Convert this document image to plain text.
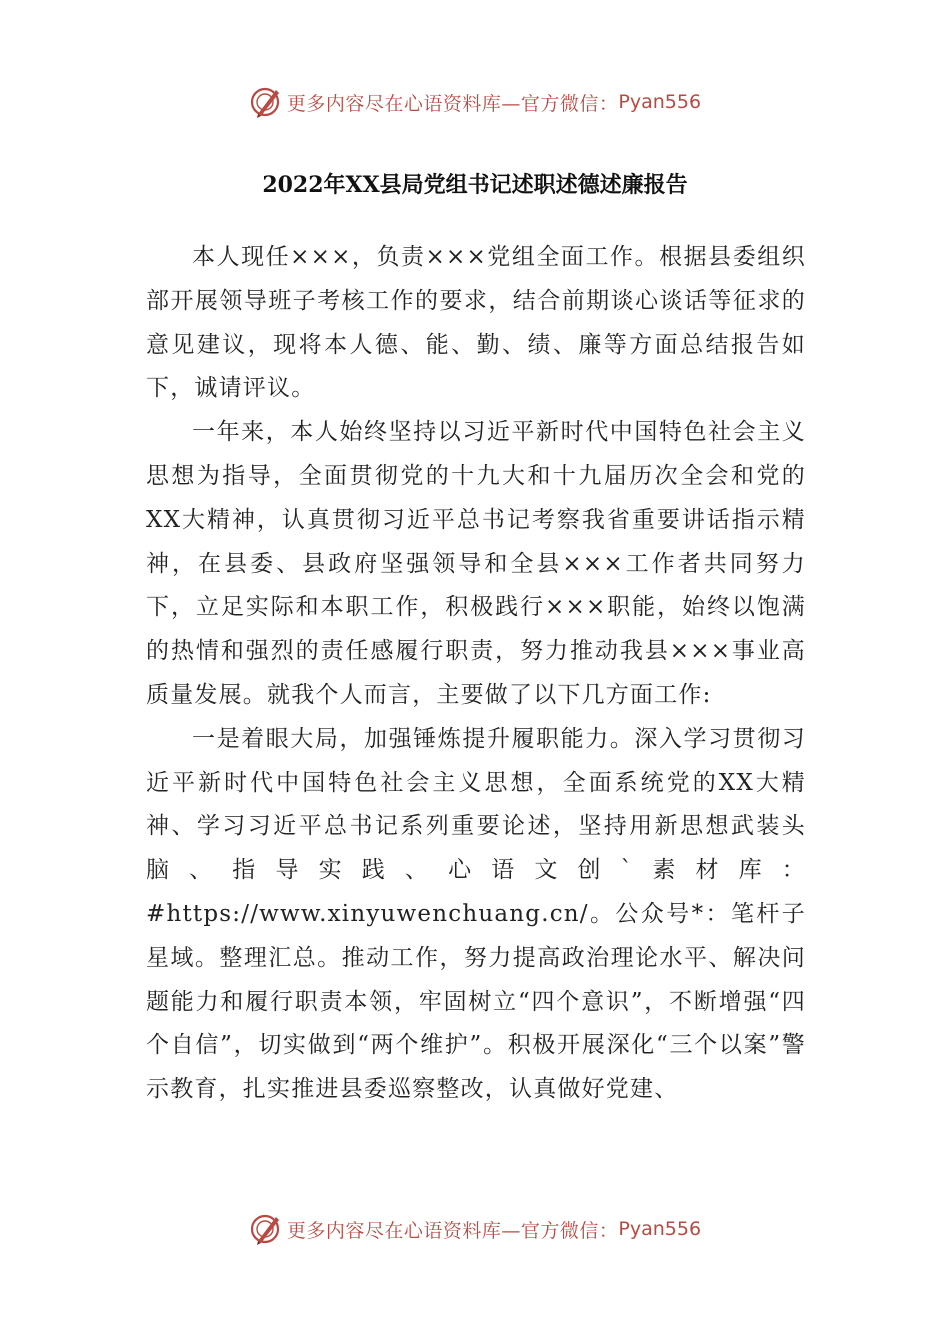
更多内容尽在心语资料库—官方微信： Pyan556
2022年XX县局党组书记述职述德述廉报告

本人现任×××，负责×××党组全面工作。根据县委组织部开展领导班子考核工作的要求，结合前期谈心谈话等征求的意见建议，现将本人德、能、勤、绩、廉等方面总结报告如下，诚请评议。

一年来，本人始终坚持以习近平新时代中国特色社会主义思想为指导，全面贯彻党的十九大和十九届历次全会和党的XX大精神，认真贯彻习近平总书记考察我省重要讲话指示精神，在县委、县政府坚强领导和全县×××工作者共同努力下，立足实际和本职工作，积极践行×××职能，始终以饱满的热情和强烈的责任感履行职责，努力推动我县×××事业高质量发展。就我个人而言，主要做了以下几方面工作:

一是着眼大局，加强锤炼提升履职能力。深入学习贯彻习近平新时代中国特色社会主义思想，全面系统党的XX大精神、学习习近平总书记系列重要论述，坚持用新思想武装头脑、指导实践、心语文创`素材库：#https://www.xinyuwenchuang.cn/。公众号*：笔杆子星域。整理汇总。推动工作，努力提高政治理论水平、解决问题能力和履行职责本领，牢固树立“四个意识”，不断增强“四个自信”，切实做到“两个维护”。积极开展深化“三个以案”警示教育，扎实推进县委巡察整改，认真做好党建、

更多内容尽在心语资料库—官方微信： Pyan556
